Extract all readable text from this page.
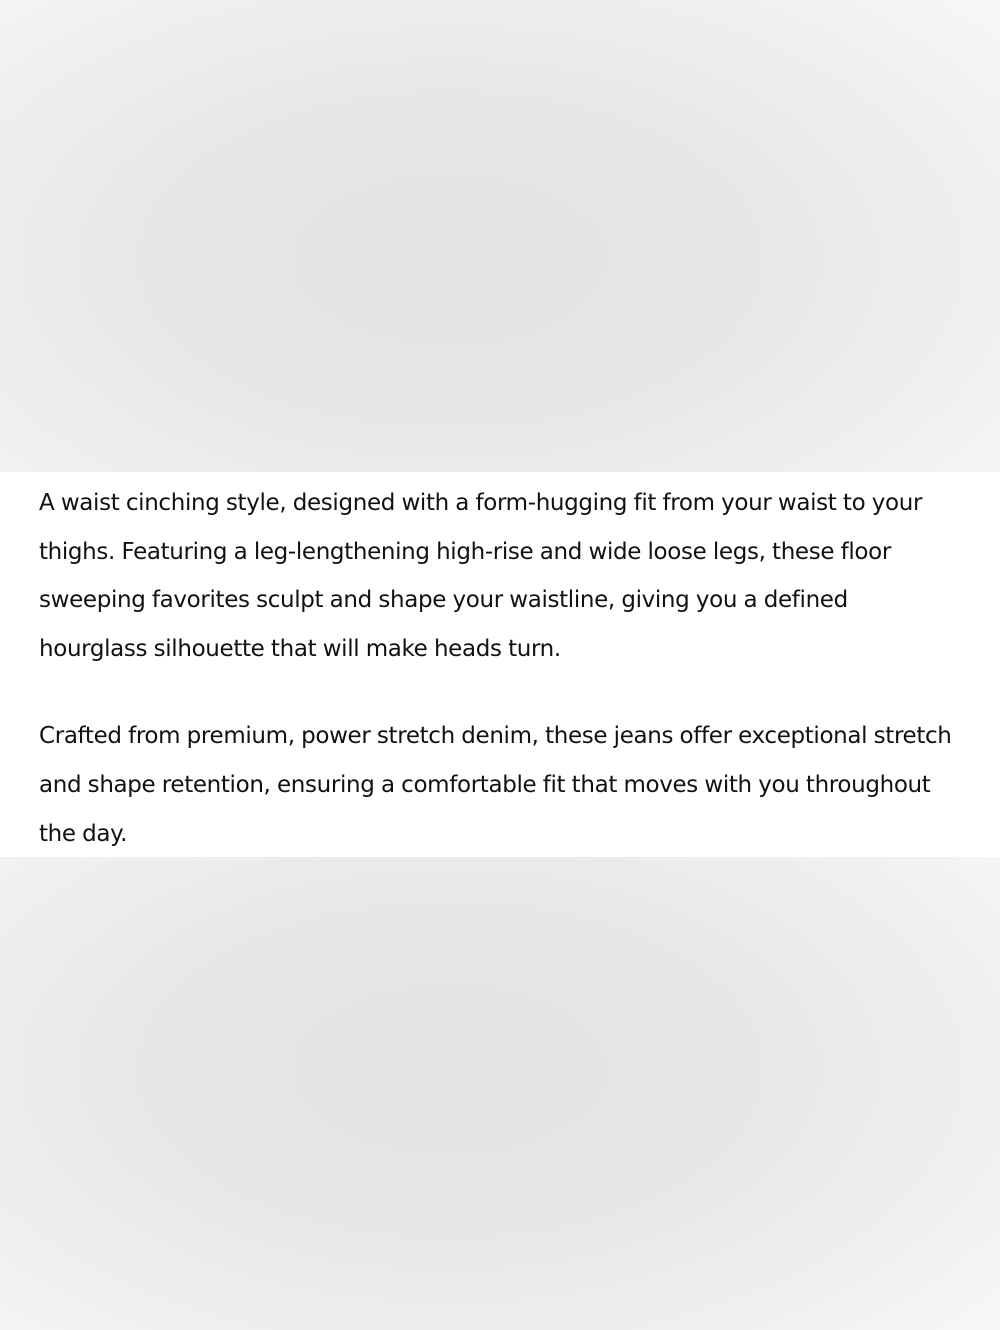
A waist cinching style, designed with a form-hugging fit from your waist to your thighs. Featuring a leg-lengthening high-rise and wide loose legs, these floor sweeping favorites sculpt and shape your waistline, giving you a defined hourglass silhouette that will make heads turn.

Crafted from premium, power stretch denim, these jeans offer exceptional stretch and shape retention, ensuring a comfortable fit that moves with you throughout the day.
